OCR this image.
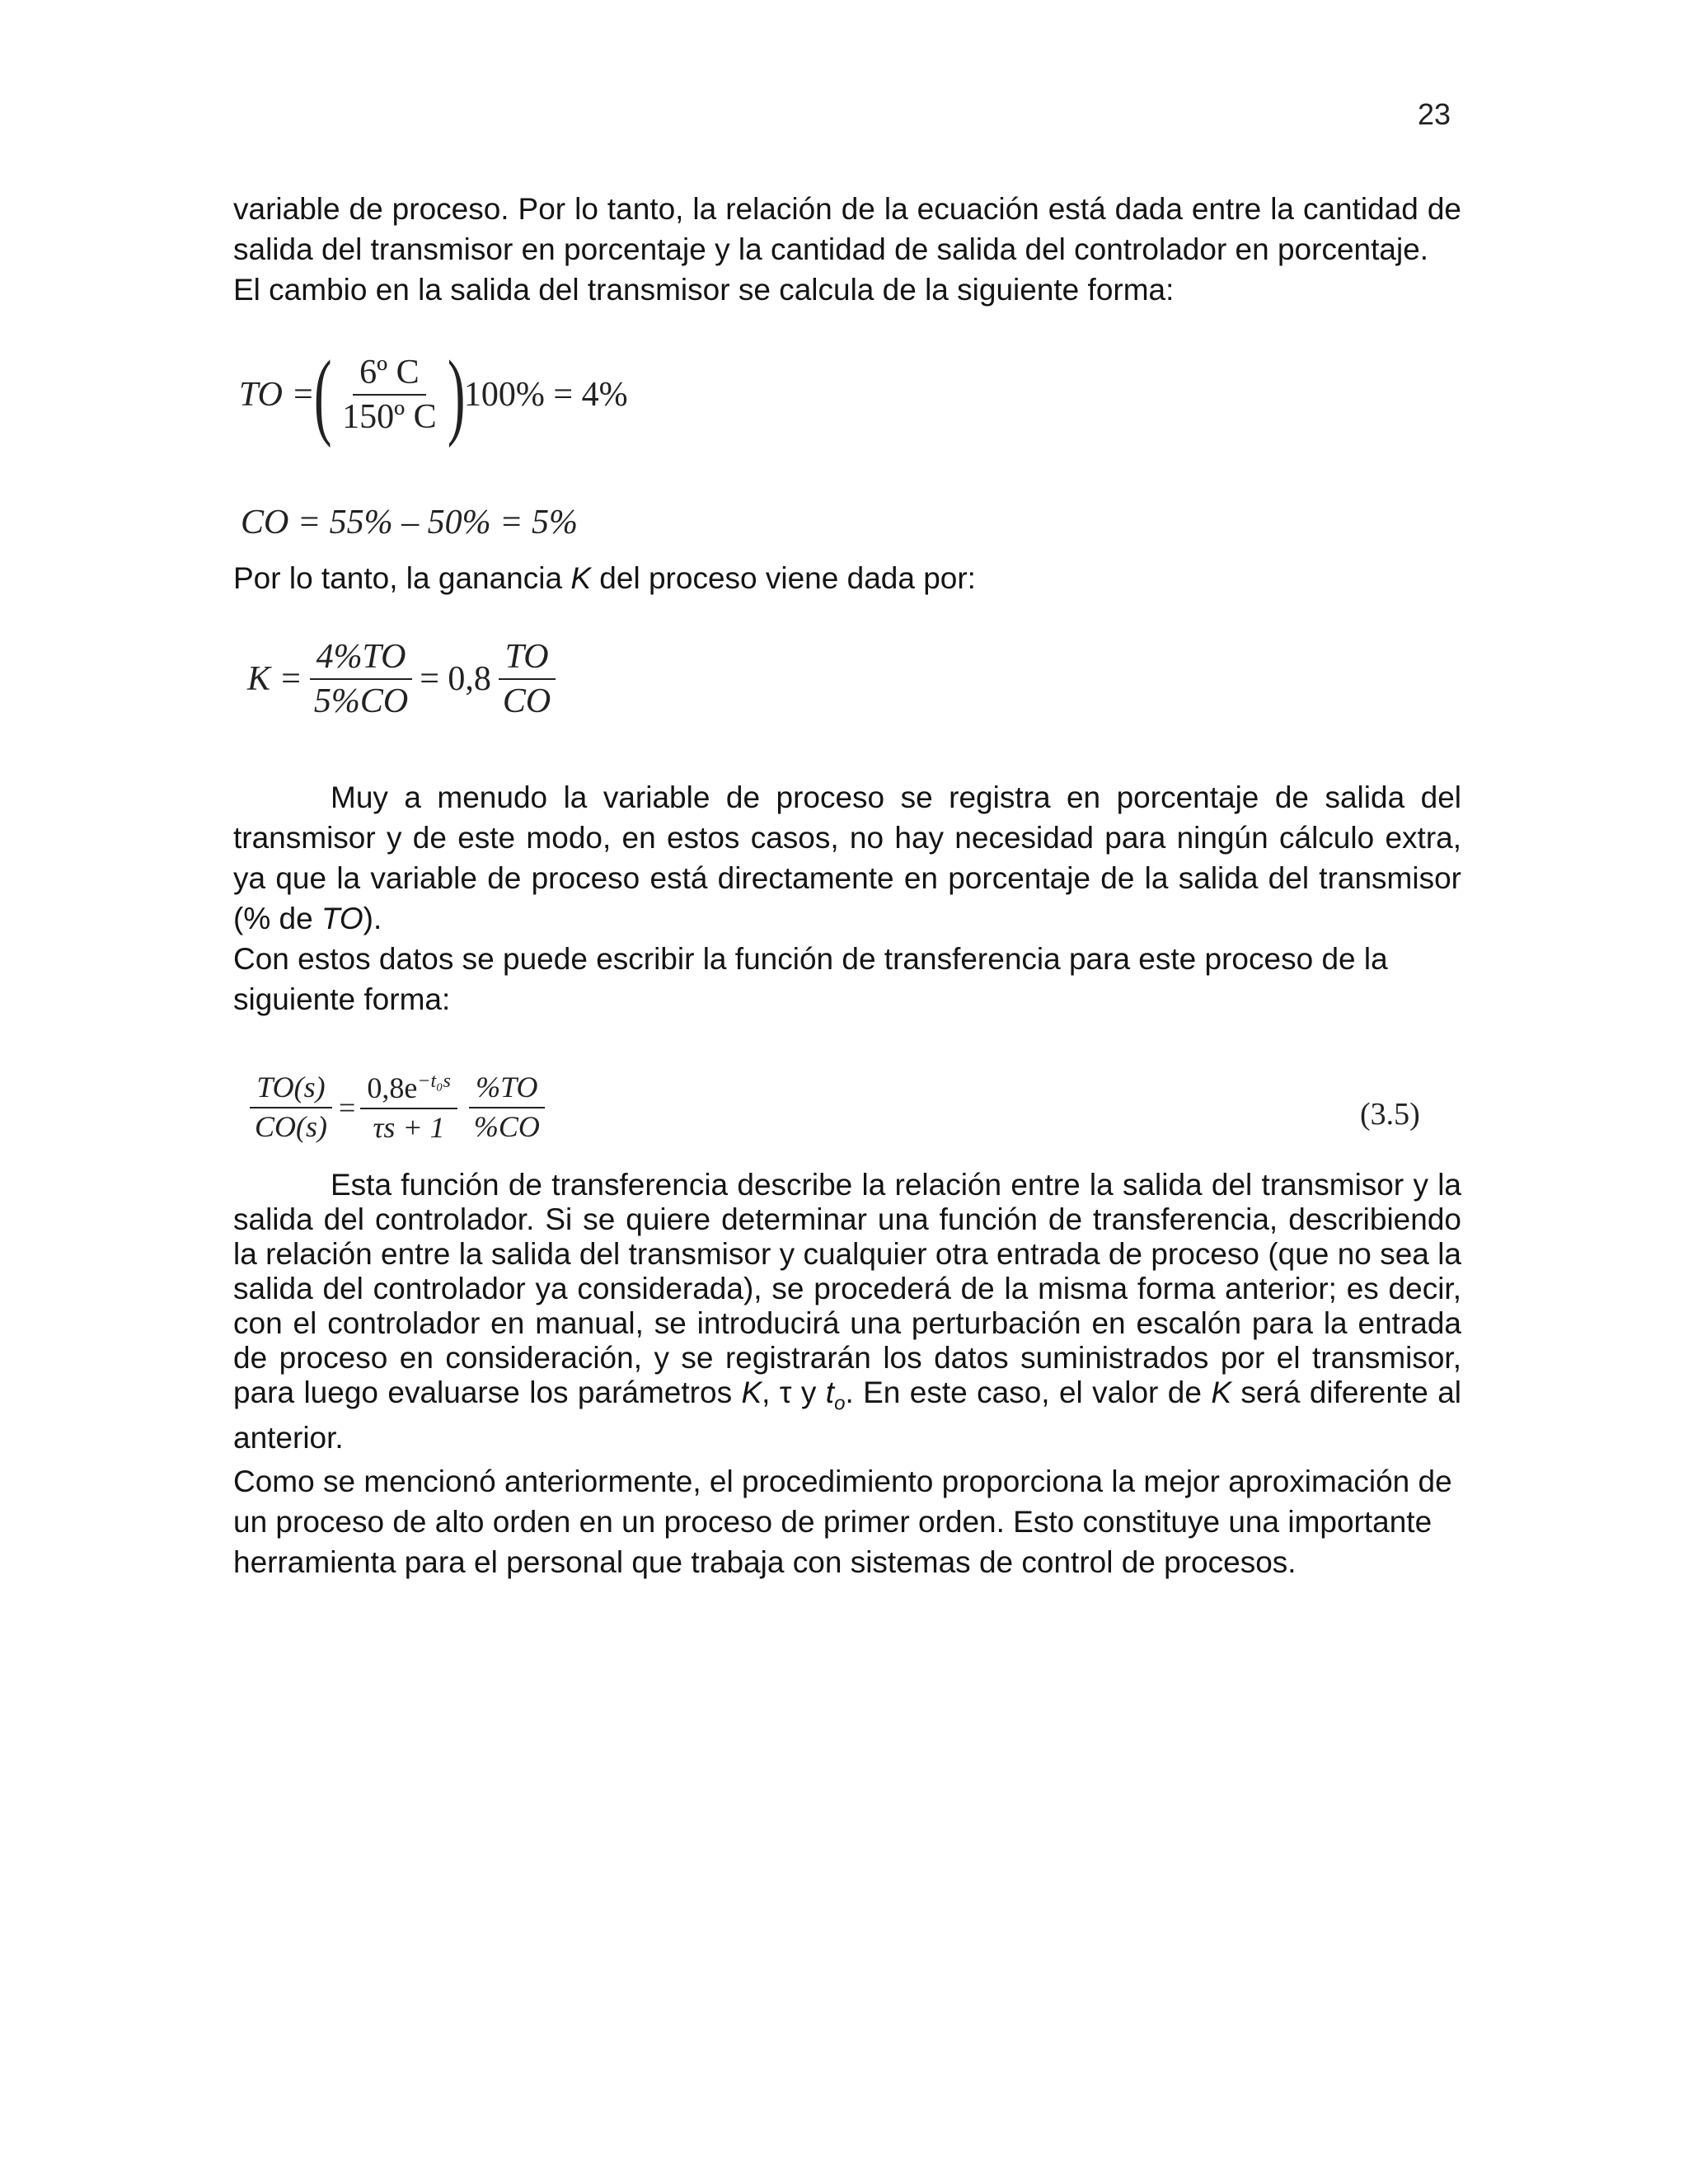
23
variable de proceso. Por lo tanto, la relación de la ecuación está dada entre la cantidad de salida del transmisor en porcentaje y la cantidad de salida del controlador en porcentaje.
El cambio en la salida del transmisor se calcula de la siguiente forma:
TO =
( $\frac{\text{6º C}}{\text{150º C}}$ )
100% = 4%
CO = 55% – 50% = 5%
Por lo tanto, la ganancia K del proceso viene dada por:
$K = \frac{4\%TO}{5\%CO} = 0,8 \frac{TO}{CO}$
Muy a menudo la variable de proceso se registra en porcentaje de salida del transmisor y de este modo, en estos casos, no hay necesidad para ningún cálculo extra, ya que la variable de proceso está directamente en porcentaje de la salida del transmisor (% de TO).
Con estos datos se puede escribir la función de transferencia para este proceso de la siguiente forma:
$\frac{TO(s)}{CO(s)} = \frac{0,8e^{-t_0s}}{\tau s + 1} \frac{\%TO}{\%CO}$	(3.5)
Esta función de transferencia describe la relación entre la salida del transmisor y la salida del controlador. Si se quiere determinar una función de transferencia, describiendo la relación entre la salida del transmisor y cualquier otra entrada de proceso (que no sea la salida del controlador ya considerada), se procederá de la misma forma anterior; es decir, con el controlador en manual, se introducirá una perturbación en escalón para la entrada de proceso en consideración, y se registrarán los datos suministrados por el transmisor, para luego evaluarse los parámetros K, τ y $t_o$. En este caso, el valor de K será diferente al anterior.
Como se mencionó anteriormente, el procedimiento proporciona la mejor aproximación de un proceso de alto orden en un proceso de primer orden. Esto constituye una importante herramienta para el personal que trabaja con sistemas de control de procesos.
